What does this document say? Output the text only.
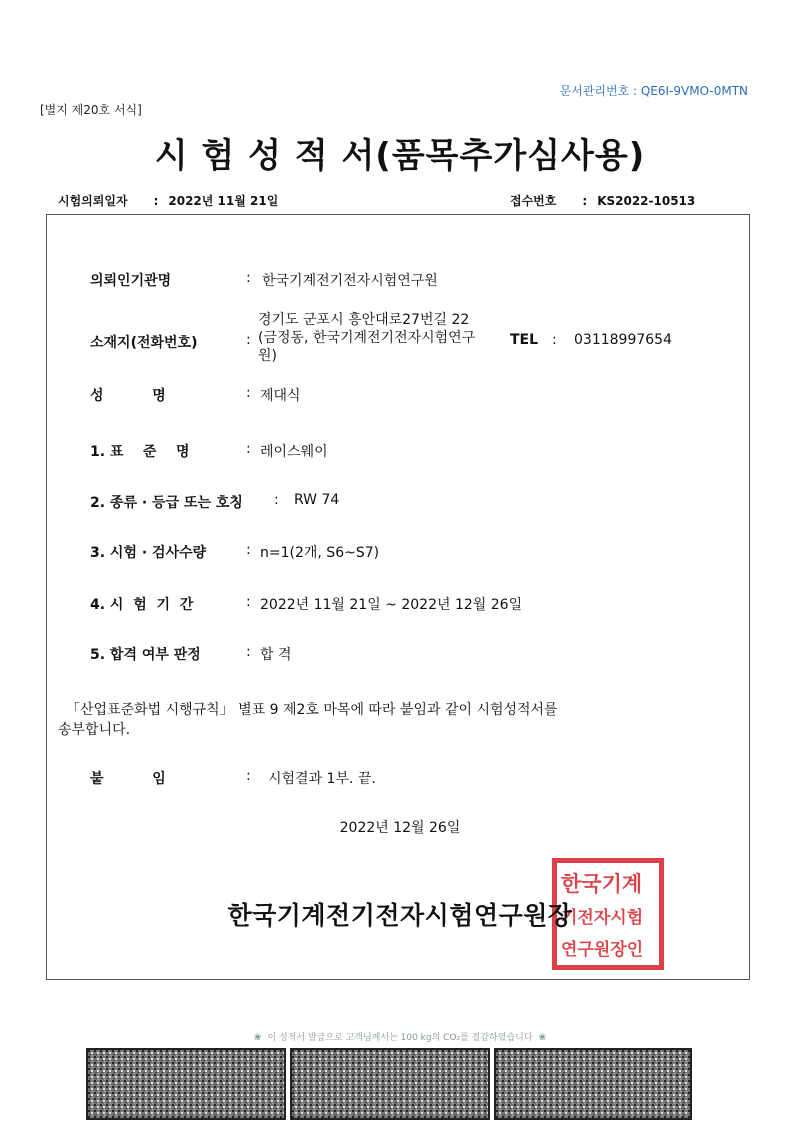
문서관리번호 : QE6I-9VMO-0MTN
[별지 제20호 서식]
시 험 성 적 서(품목추가심사용)
시험의뢰일자 : 2022년 11월 21일	접수번호 : KS2022-10513
의뢰인기관명	: 한국기계전기전자시험연구원
소재지(전화번호)	:
경기도 군포시 흥안대로27번길 22
(금정동, 한국기계전기전자시험연구
원)
TEL : 03118997654
성          명	: 제대식
1. 표    준    명	: 레이스웨이
2. 종류 · 등급 또는 호칭 : RW 74
3. 시험 · 검사수량	: n=1(2개, S6~S7)
4. 시  험  기  간	: 2022년 11월 21일 ~ 2022년 12월 26일
5. 합격 여부 판정	: 합 격
「산업표준화법 시행규칙」 별표 9 제2호 마목에 따라 붙임과 같이 시험성적서를
송부합니다.
붙          임	: 시험결과 1부. 끝.
2022년 12월 26일
한국기계
기전자시험
연구원장인
한국기계전기전자시험연구원장
❀ 이 성적서 발급으로 고객님께서는 100 kg의 CO₂를 절감하였습니다 ❀
